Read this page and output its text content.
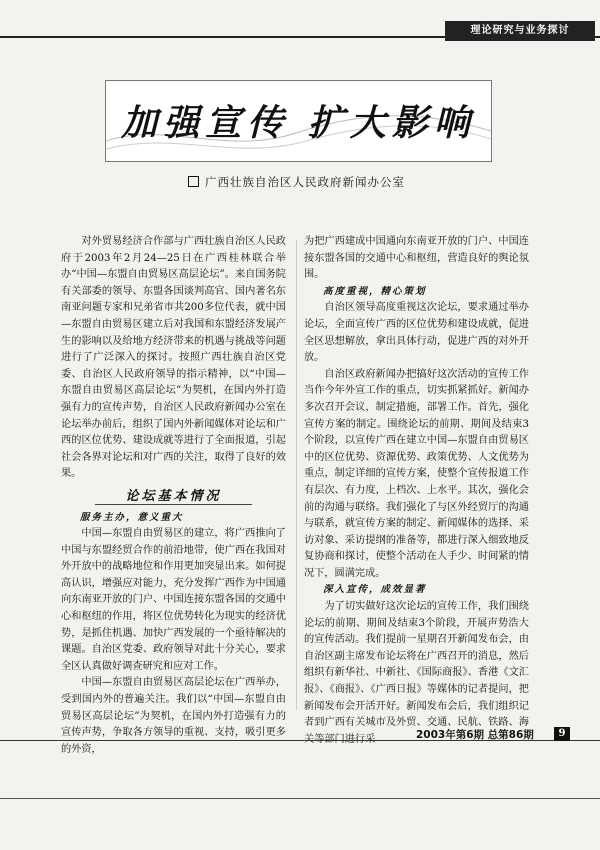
理论研究与业务探讨
加强宣传 扩大影响
广西壮族自治区人民政府新闻办公室

对外贸易经济合作部与广西壮族自治区人民政府于2003年2月24—25日在广西桂林联合举办“中国—东盟自由贸易区高层论坛”。来自国务院有关部委的领导、东盟各国谈判高官、国内著名东南亚问题专家和兄弟省市共200多位代表，就中国—东盟自由贸易区建立后对我国和东盟经济发展产生的影响以及给地方经济带来的机遇与挑战等问题进行了广泛深入的探讨。按照广西壮族自治区党委、自治区人民政府领导的指示精神，以“中国—东盟自由贸易区高层论坛”为契机，在国内外打造强有力的宣传声势，自治区人民政府新闻办公室在论坛举办前后，组织了国内外新闻媒体对论坛和广西的区位优势、建设成就等进行了全面报道，引起社会各界对论坛和对广西的关注，取得了良好的效果。

论坛基本情况

服务主办，意义重大

中国—东盟自由贸易区的建立，将广西推向了中国与东盟经贸合作的前沿地带，使广西在我国对外开放中的战略地位和作用更加突显出来。如何提高认识，增强应对能力，充分发挥广西作为中国通向东南亚开放的门户、中国连接东盟各国的交通中心和枢纽的作用，将区位优势转化为现实的经济优势，是抓住机遇、加快广西发展的一个亟待解决的课题。自治区党委、政府领导对此十分关心，要求全区认真做好调查研究和应对工作。

中国—东盟自由贸易区高层论坛在广西举办，受到国内外的普遍关注。我们以“中国—东盟自由贸易区高层论坛”为契机，在国内外打造强有力的宣传声势，争取各方领导的重视、支持，吸引更多的外资，

为把广西建成中国通向东南亚开放的门户、中国连接东盟各国的交通中心和枢纽，营造良好的舆论氛围。

高度重视，精心策划

自治区领导高度重视这次论坛，要求通过举办论坛，全面宣传广西的区位优势和建设成就，促进全区思想解放，拿出具体行动，促进广西的对外开放。

自治区政府新闻办把搞好这次活动的宣传工作当作今年外宣工作的重点，切实抓紧抓好。新闻办多次召开会议，制定措施，部署工作。首先，强化宣传方案的制定。围绕论坛的前期、期间及结束3个阶段，以宣传广西在建立中国—东盟自由贸易区中的区位优势、资源优势、政策优势、人文优势为重点，制定详细的宣传方案，使整个宣传报道工作有层次、有力度，上档次、上水平。其次，强化会前的沟通与联络。我们强化了与区外经贸厅的沟通与联系，就宣传方案的制定、新闻媒体的选择、采访对象、采访提纲的准备等，都进行深入细致地反复协商和探讨，使整个活动在人手少、时间紧的情况下，圆满完成。

深入宣传，成效显著

为了切实做好这次论坛的宣传工作，我们围绕论坛的前期、期间及结束3个阶段，开展声势浩大的宣传活动。我们提前一星期召开新闻发布会，由自治区副主席发布论坛将在广西召开的消息，然后组织有新华社、中新社、《国际商报》、香港《文汇报》、《商报》、《广西日报》等媒体的记者提问，把新闻发布会开活开好。新闻发布会后，我们组织记者到广西有关城市及外贸、交通、民航、铁路、海

2003年第6期 总第86期	9
